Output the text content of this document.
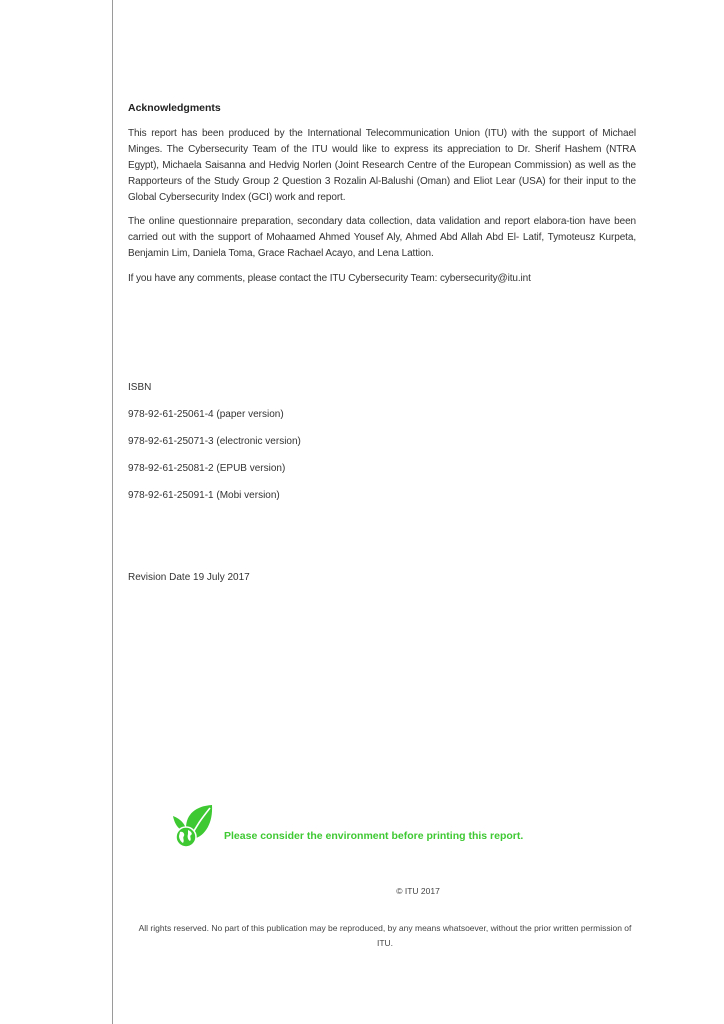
Acknowledgments

This report has been produced by the International Telecommunication Union (ITU) with the support of Michael Minges. The Cybersecurity Team of the ITU would like to express its appreciation to Dr. Sherif Hashem (NTRA Egypt), Michaela Saisanna and Hedvig Norlen (Joint Research Centre of the European Commission) as well as the Rapporteurs of the Study Group 2 Question 3 Rozalin Al-Balushi (Oman) and Eliot Lear (USA) for their input to the Global Cybersecurity Index (GCI) work and report.

The online questionnaire preparation, secondary data collection, data validation and report elabora-tion have been carried out with the support of Mohaamed Ahmed Yousef Aly, Ahmed Abd Allah Abd El- Latif, Tymoteusz Kurpeta, Benjamin Lim, Daniela Toma, Grace Rachael Acayo, and Lena Lattion.

If you have any comments, please contact the ITU Cybersecurity Team: cybersecurity@itu.int

ISBN
978-92-61-25061-4 (paper version)
978-92-61-25071-3 (electronic version)
978-92-61-25081-2 (EPUB version)
978-92-61-25091-1 (Mobi version)
Revision Date 19 July 2017
Please consider the environment before printing this report.
© ITU 2017
All rights reserved. No part of this publication may be reproduced, by any means whatsoever, without the prior written permission of ITU.
